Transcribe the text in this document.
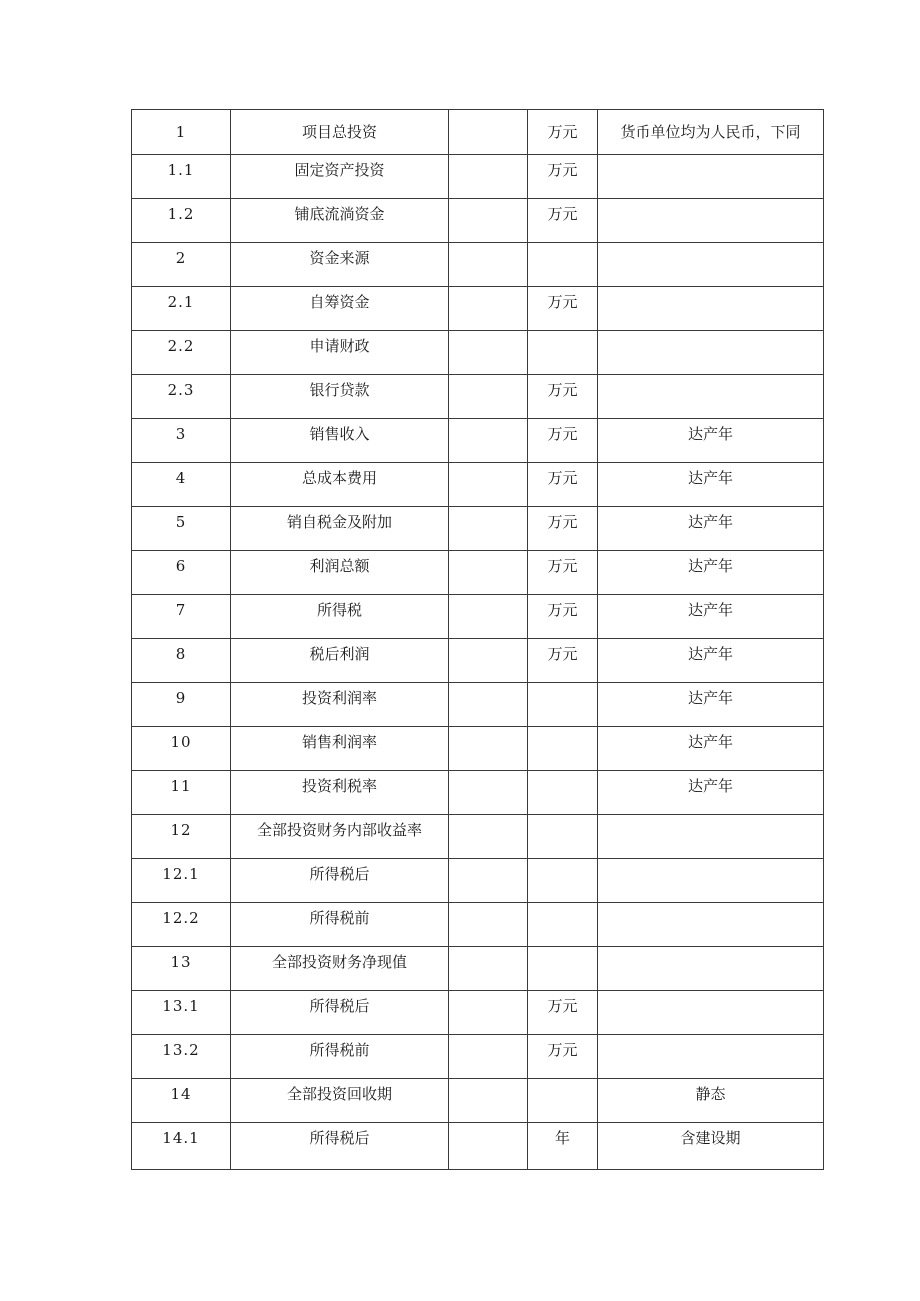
1	项目总投资		万元	货币单位均为人民币，下同
1.1	固定资产投资		万元	
1.2	铺底流淌资金		万元	
2	资金来源			
2.1	自筹资金		万元	
2.2	申请财政			
2.3	银行贷款		万元	
3	销售收入		万元	达产年
4	总成本费用		万元	达产年
5	销自税金及附加		万元	达产年
6	利润总额		万元	达产年
7	所得税		万元	达产年
8	税后利润		万元	达产年
9	投资利润率			达产年
10	销售利润率			达产年
11	投资利税率			达产年
12	全部投资财务内部收益率			
12.1	所得税后			
12.2	所得税前			
13	全部投资财务净现值			
13.1	所得税后		万元	
13.2	所得税前		万元	
14	全部投资回收期			静态
14.1	所得税后		年	含建设期
